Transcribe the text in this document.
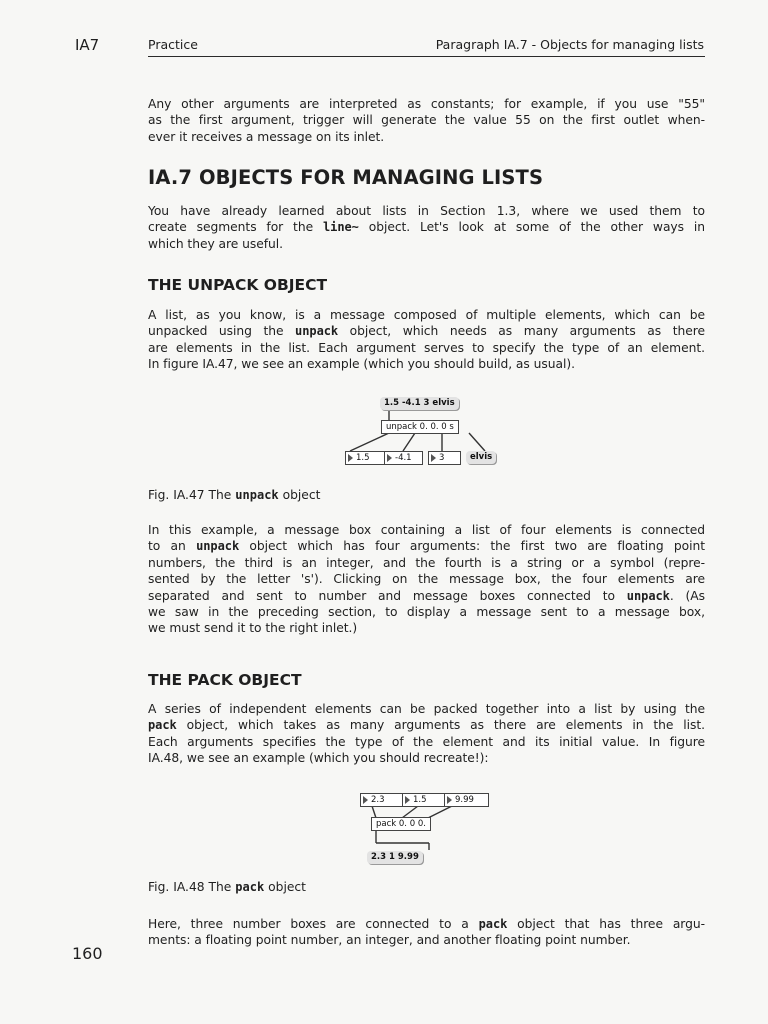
IA7	Practice	Paragraph IA.7 - Objects for managing lists
Any other arguments are interpreted as constants; for example, if you use "55"
as the first argument, trigger will generate the value 55 on the first outlet when-
ever it receives a message on its inlet.
IA.7 OBJECTS FOR MANAGING LISTS
You have already learned about lists in Section 1.3, where we used them to
create segments for the line~ object. Let's look at some of the other ways in
which they are useful.
THE UNPACK OBJECT
A list, as you know, is a message composed of multiple elements, which can be
unpacked using the unpack object, which needs as many arguments as there
are elements in the list. Each argument serves to specify the type of an element.
In figure IA.47, we see an example (which you should build, as usual).
1.5 -4.1 3 elvis
unpack 0. 0. 0 s
1.5	-4.1	3	elvis
Fig. IA.47 The unpack object
In this example, a message box containing a list of four elements is connected
to an unpack object which has four arguments: the first two are floating point
numbers, the third is an integer, and the fourth is a string or a symbol (repre-
sented by the letter 's'). Clicking on the message box, the four elements are
separated and sent to number and message boxes connected to unpack. (As
we saw in the preceding section, to display a message sent to a message box,
we must send it to the right inlet.)
THE PACK OBJECT
A series of independent elements can be packed together into a list by using the
pack object, which takes as many arguments as there are elements in the list.
Each arguments specifies the type of the element and its initial value. In figure
IA.48, we see an example (which you should recreate!):
2.3	1.5	9.99
pack 0. 0 0.
2.3 1 9.99
Fig. IA.48 The pack object
Here, three number boxes are connected to a pack object that has three argu-
ments: a floating point number, an integer, and another floating point number.
160
